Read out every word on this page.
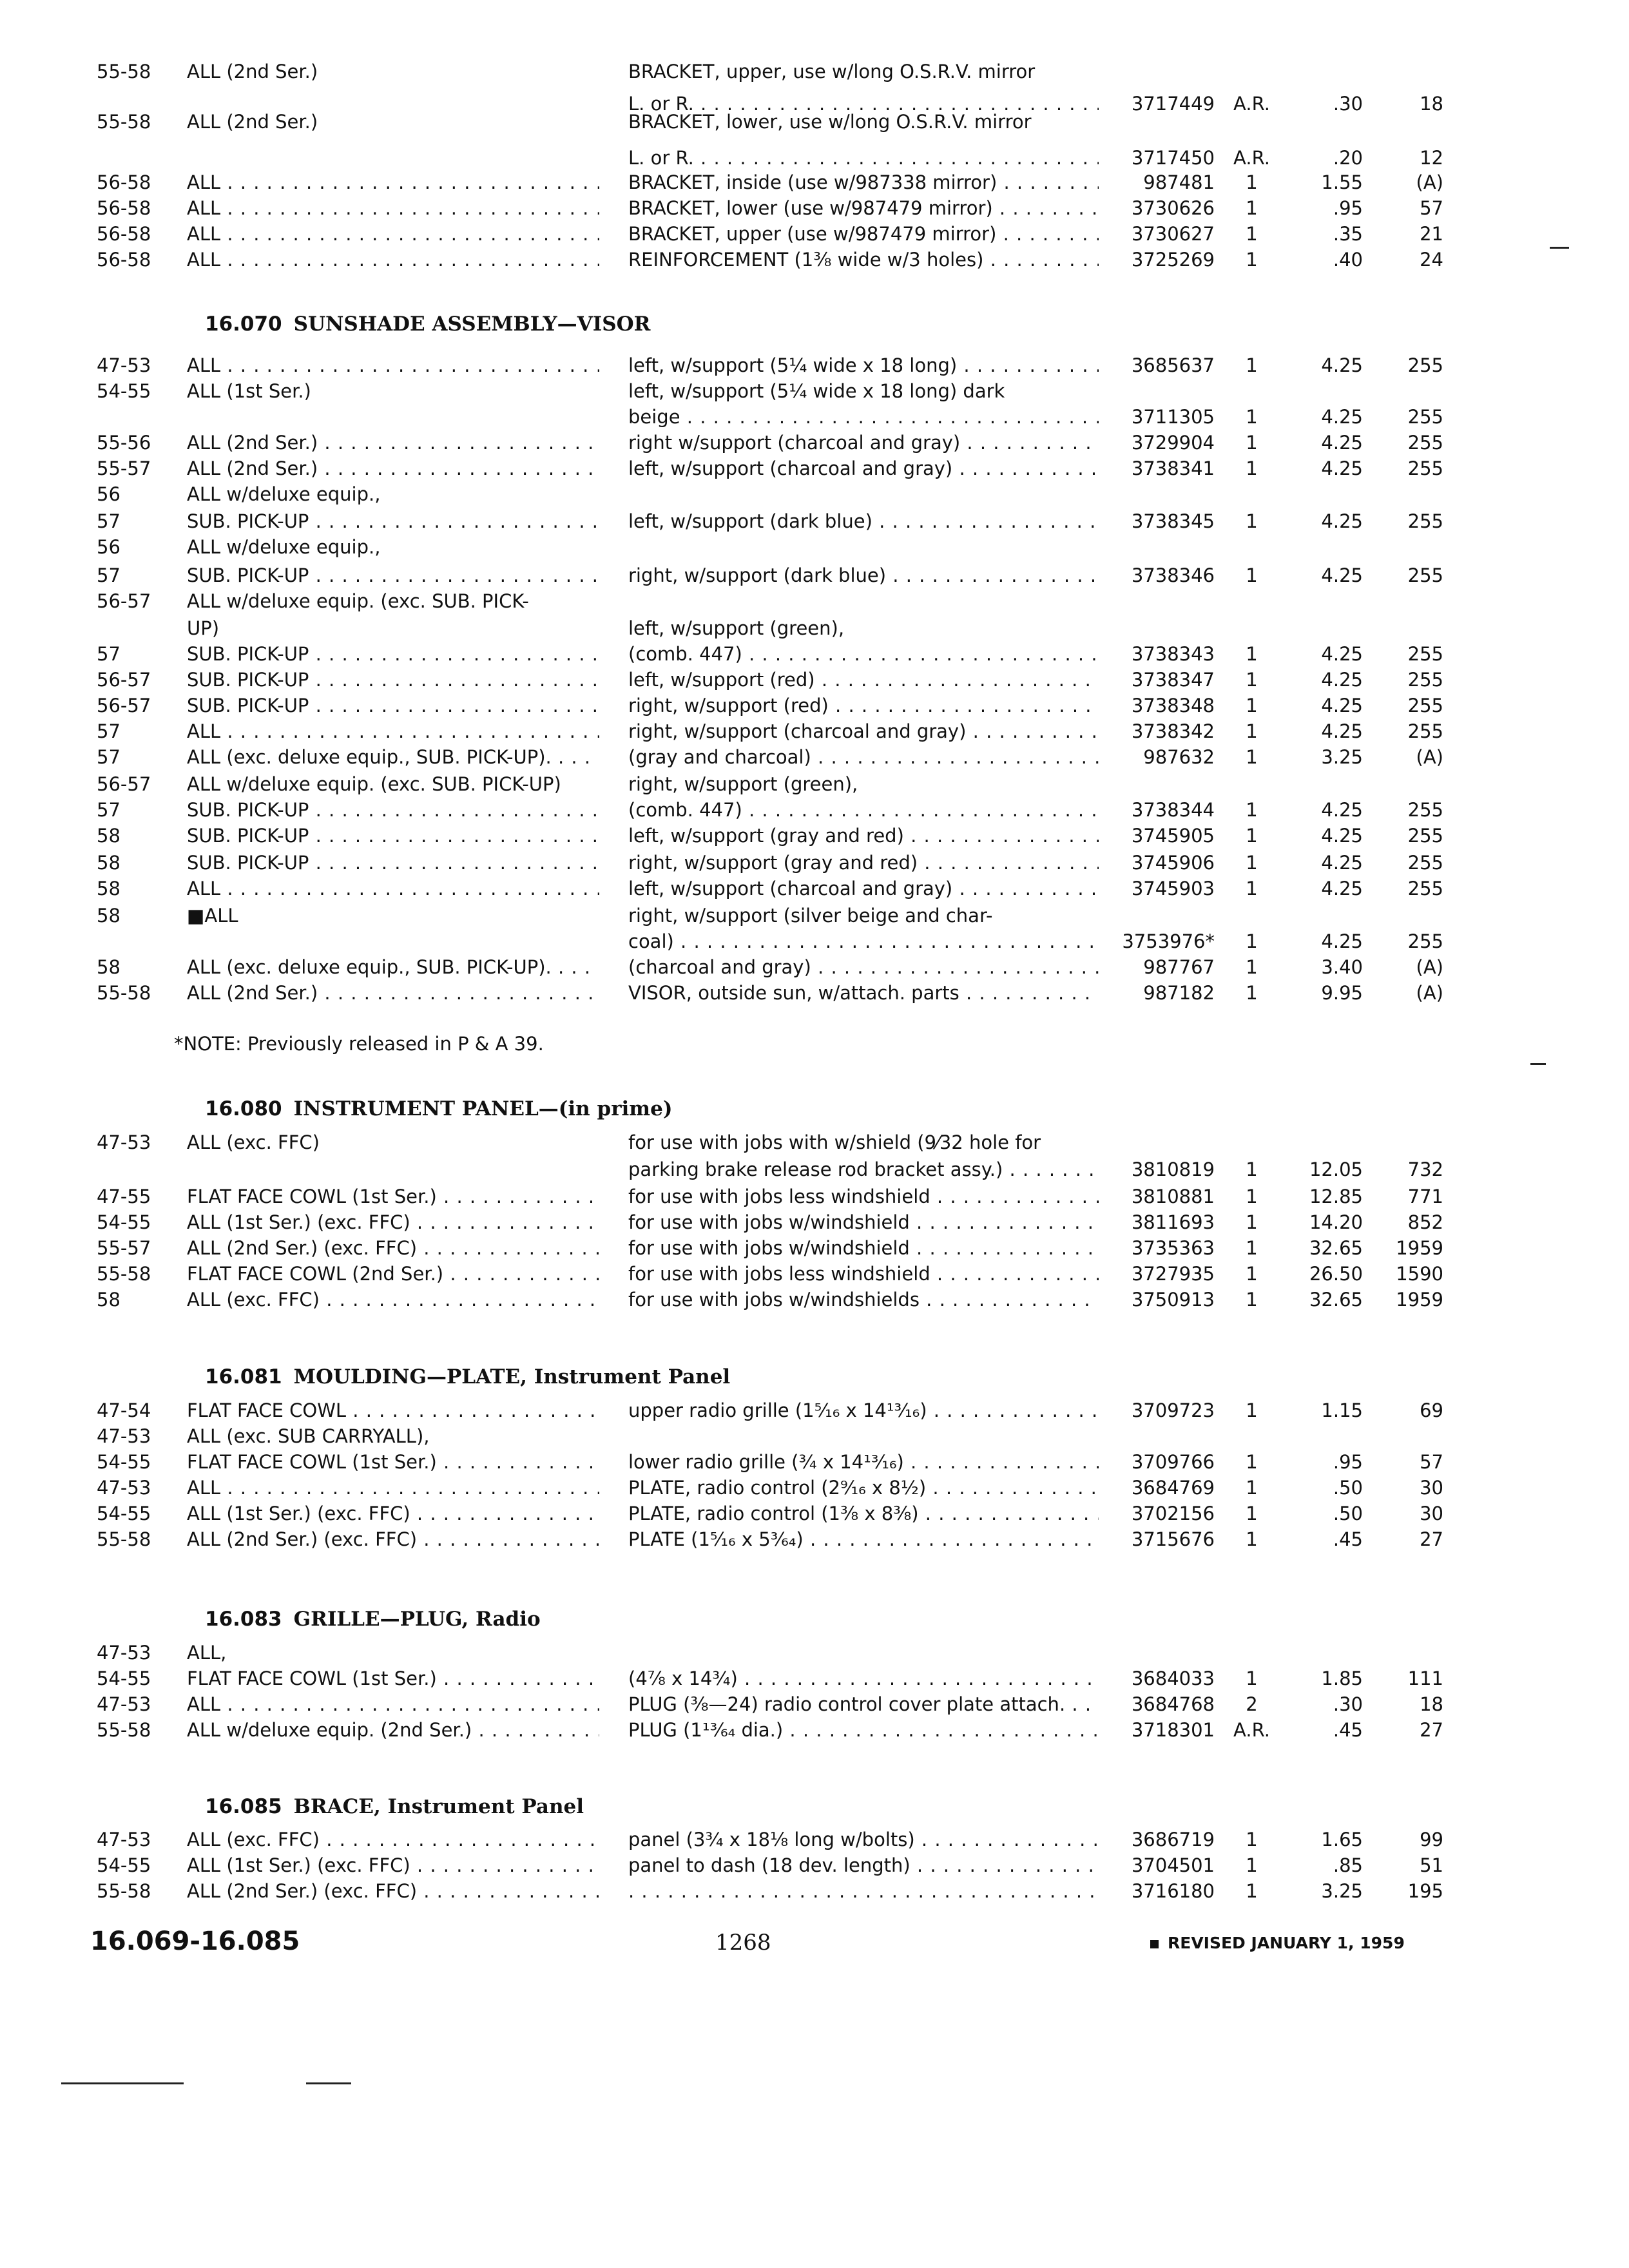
55-58	ALL (2nd Ser.)	BRACKET, upper, use w/long O.S.R.V. mirror
L. or R. . . .	3717449	A.R.	.30	18
55-58	ALL (2nd Ser.)	BRACKET, lower, use w/long O.S.R.V. mirror
L. or R. . . .	3717450	A.R.	.20	12
56-58	ALL . . .	BRACKET, inside (use w/987338 mirror) . . .	987481	1	1.55	(A)
56-58	ALL . . .	BRACKET, lower (use w/987479 mirror) . . .	3730626	1	.95	57
56-58	ALL . . .	BRACKET, upper (use w/987479 mirror) . . .	3730627	1	.35	21
56-58	ALL . . .	REINFORCEMENT (1⅜ wide w/3 holes) . . .	3725269	1	.40	24
47-53	ALL . . .	left, w/support (5¼ wide x 18 long) . . .	3685637	1	4.25	255
54-55	ALL (1st Ser.)	left, w/support (5¼ wide x 18 long) dark
beige . . .	3711305	1	4.25	255
55-56	ALL (2nd Ser.) . . .	right w/support (charcoal and gray) . . .	3729904	1	4.25	255
55-57	ALL (2nd Ser.) . . .	left, w/support (charcoal and gray) . . .	3738341	1	4.25	255
56	ALL w/deluxe equip.,
57	SUB. PICK-UP . . .	left, w/support (dark blue) . . .	3738345	1	4.25	255
56	ALL w/deluxe equip.,
57	SUB. PICK-UP . . .	right, w/support (dark blue) . . .	3738346	1	4.25	255
56-57	ALL w/deluxe equip. (exc. SUB. PICK-
UP)	left, w/support (green),
57	SUB. PICK-UP . . .	(comb. 447) . . .	3738343	1	4.25	255
56-57	SUB. PICK-UP . . .	left, w/support (red) . . .	3738347	1	4.25	255
56-57	SUB. PICK-UP . . .	right, w/support (red) . . .	3738348	1	4.25	255
57	ALL . . .	right, w/support (charcoal and gray) . . .	3738342	1	4.25	255
57	ALL (exc. deluxe equip., SUB. PICK-UP). . . .	(gray and charcoal) . . .	987632	1	3.25	(A)
56-57	ALL w/deluxe equip. (exc. SUB. PICK-UP)	right, w/support (green),
57	SUB. PICK-UP . . .	(comb. 447) . . .	3738344	1	4.25	255
58	SUB. PICK-UP . . .	left, w/support (gray and red) . . .	3745905	1	4.25	255
58	SUB. PICK-UP . . .	right, w/support (gray and red) . . .	3745906	1	4.25	255
58	ALL . . .	left, w/support (charcoal and gray) . . .	3745903	1	4.25	255
58	■ALL	right, w/support (silver beige and char-
coal) . . .	3753976*	1	4.25	255
58	ALL (exc. deluxe equip., SUB. PICK-UP). . . .	(charcoal and gray) . . .	987767	1	3.40	(A)
55-58	ALL (2nd Ser.) . . .	VISOR, outside sun, w/attach. parts . . .	987182	1	9.95	(A)
47-53	ALL (exc. FFC)	for use with jobs with w/shield (9⁄32 hole for
parking brake release rod bracket assy.) . . .	3810819	1	12.05	732
47-55	FLAT FACE COWL (1st Ser.) . . .	for use with jobs less windshield . . .	3810881	1	12.85	771
54-55	ALL (1st Ser.) (exc. FFC) . . .	for use with jobs w/windshield . . .	3811693	1	14.20	852
55-57	ALL (2nd Ser.) (exc. FFC) . . .	for use with jobs w/windshield . . .	3735363	1	32.65	1959
55-58	FLAT FACE COWL (2nd Ser.) . . .	for use with jobs less windshield . . .	3727935	1	26.50	1590
58	ALL (exc. FFC) . . .	for use with jobs w/windshields . . .	3750913	1	32.65	1959
47-54	FLAT FACE COWL . . .	upper radio grille (1⁵⁄₁₆ x 14¹³⁄₁₆) . . .	3709723	1	1.15	69
47-53	ALL (exc. SUB CARRYALL),
54-55	FLAT FACE COWL (1st Ser.) . . .	lower radio grille (¾ x 14¹³⁄₁₆) . . .	3709766	1	.95	57
47-53	ALL . . .	PLATE, radio control (2⁹⁄₁₆ x 8½) . . .	3684769	1	.50	30
54-55	ALL (1st Ser.) (exc. FFC) . . .	PLATE, radio control (1⅜ x 8⅜) . . .	3702156	1	.50	30
55-58	ALL (2nd Ser.) (exc. FFC) . . .	PLATE (1⁵⁄₁₆ x 5³⁄₆₄) . . .	3715676	1	.45	27
47-53	ALL,
54-55	FLAT FACE COWL (1st Ser.) . . .	(4⅞ x 14¾) . . .	3684033	1	1.85	111
47-53	ALL . . .	PLUG (⅜—24) radio control cover plate attach. . . .	3684768	2	.30	18
55-58	ALL w/deluxe equip. (2nd Ser.) . . .	PLUG (1¹³⁄₆₄ dia.) . . .	3718301	A.R.	.45	27
47-53	ALL (exc. FFC) . . .	panel (3¾ x 18⅛ long w/bolts) . . .	3686719	1	1.65	99
54-55	ALL (1st Ser.) (exc. FFC) . . .	panel to dash (18 dev. length) . . .	3704501	1	.85	51
55-58	ALL (2nd Ser.) (exc. FFC) . . .
. . .	3716180	1	3.25	195
16.070 SUNSHADE ASSEMBLY—VISOR
16.080 INSTRUMENT PANEL—(in prime)
16.081 MOULDING—PLATE, Instrument Panel
16.083 GRILLE—PLUG, Radio
16.085 BRACE, Instrument Panel
*NOTE: Previously released in P & A 39.
16.069-16.085	1268	REVISED JANUARY 1, 1959
